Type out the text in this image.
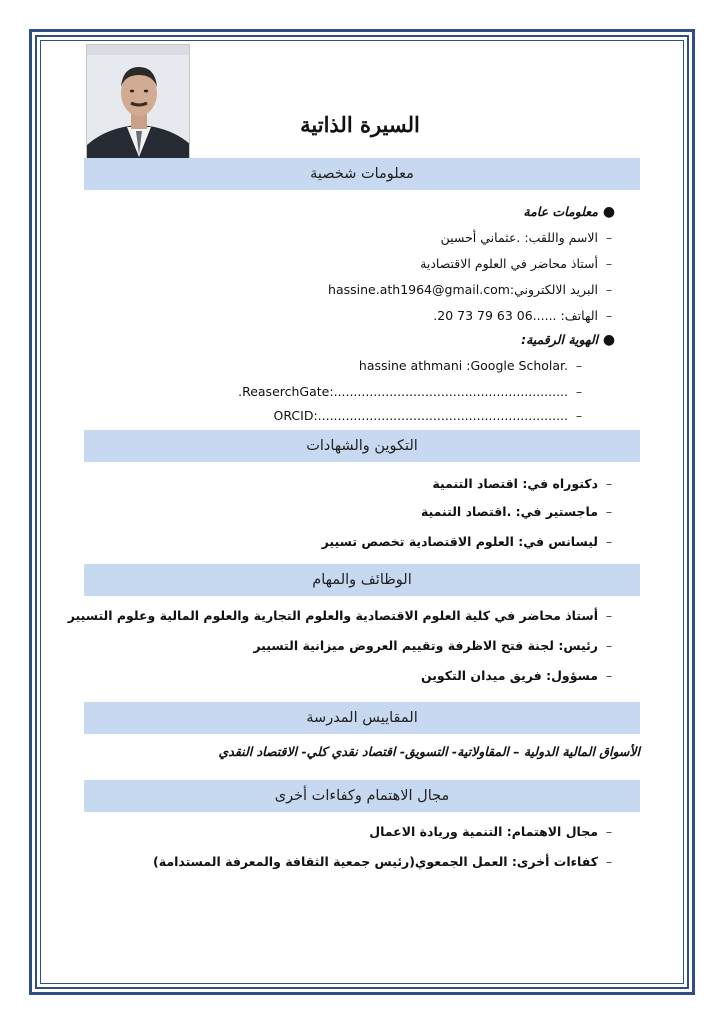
السيرة الذاتية
معلومات شخصية
●معلومات عامة
–الاسم واللقب: .عثماني أحسين
–أستاذ محاضر في العلوم الاقتصادية
–البريد الالكتروني:hassine.ath1964@gmail.com
–الهاتف: .20 73 79 63 06......
●الهوية الرقمية:
–hassine athmani :Google Scholar.
–.ReaserchGate:...........................................................
–ORCID:...............................................................
التكوين والشهادات
–دكتوراه في: اقتصاد التنمية
–ماجستير في: .اقتصاد التنمية
–ليسانس في: العلوم الاقتصادية تخصص تسيير
الوظائف والمهام
–أستاذ محاضر في كلية العلوم الاقتصادية والعلوم التجارية والعلوم المالية وعلوم التسيير
–رئيس: لجنة فتح الاظرفة وتقييم العروض ميزانية التسيير
–مسؤول: فريق ميدان التكوين
المقاييس المدرسة
الأسواق المالية الدولية – المقاولاتية- التسويق- اقتصاد نقدي كلي- الاقتصاد النقدي
مجال الاهتمام وكفاءات أخرى
–مجال الاهتمام: التنمية وريادة الاعمال
–كفاءات أخرى: العمل الجمعوي(رئيس جمعية الثقافة والمعرفة المستدامة)
